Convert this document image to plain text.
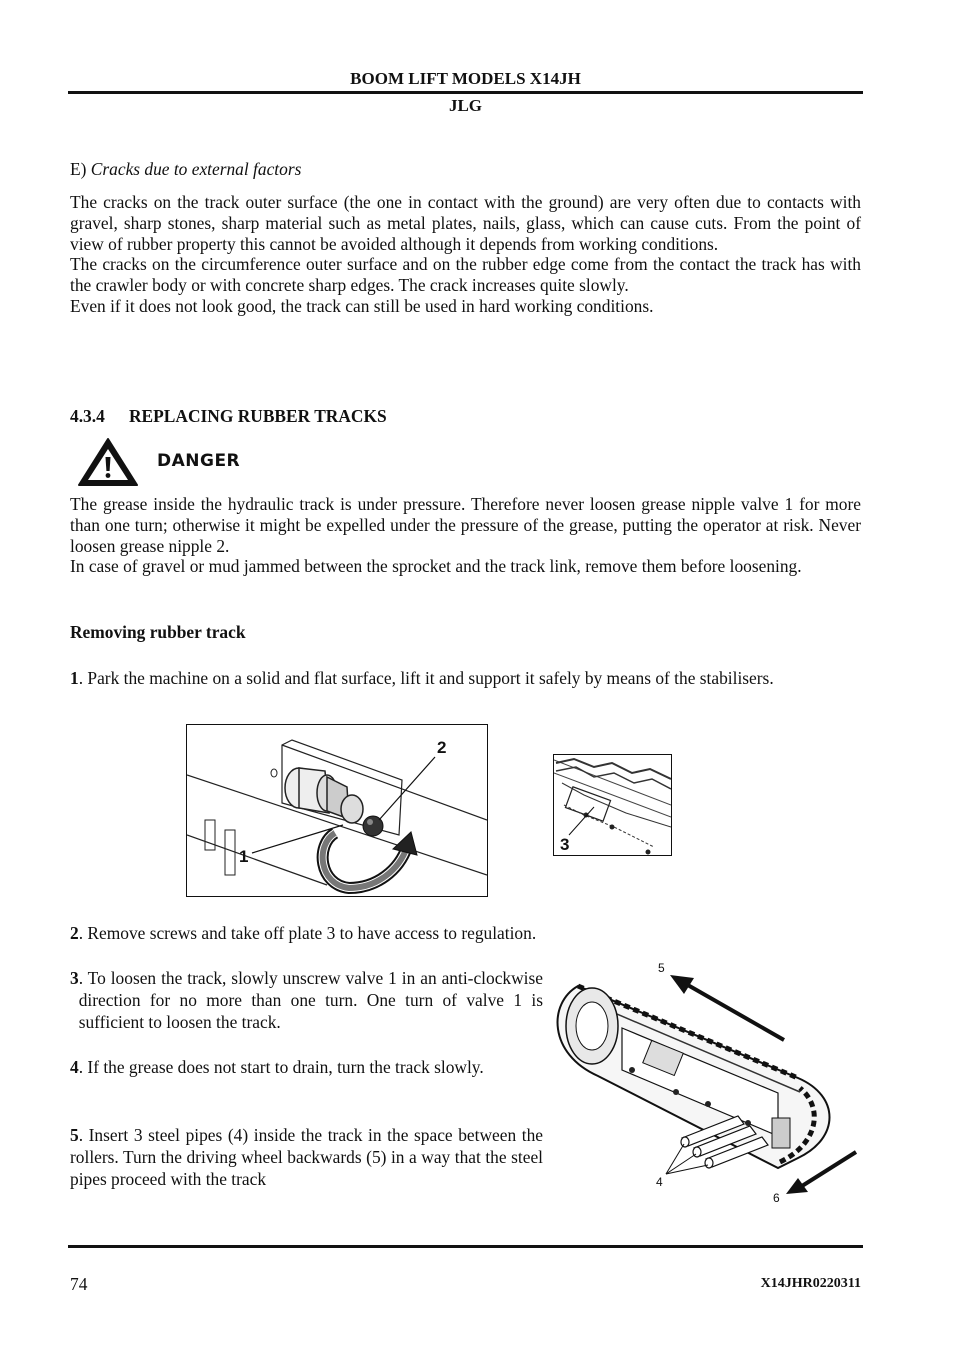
BOOM LIFT MODELS X14JH
JLG
E) Cracks due to external factors

The cracks on the track outer surface (the one in contact with the ground) are very often due to contacts with gravel, sharp stones, sharp material such as metal plates, nails, glass, which can cause cuts. From the point of view of rubber property this cannot be avoided although it depends from working conditions.

The cracks on the circumference outer surface and on the rubber edge come from the contact the track has with the crawler body or with concrete sharp edges. The crack increases quite slowly.

Even if it does not look good, the track can still be used in hard working conditions.

4.3.4 REPLACING RUBBER TRACKS
DANGER

The grease inside the hydraulic track is under pressure. Therefore never loosen grease nipple valve 1 for more than one turn; otherwise it might be expelled under the pressure of the grease, putting the operator at risk. Never loosen grease nipple 2.

In case of gravel or mud jammed between the sprocket and the track link, remove them before loosening.

Removing rubber track
1 . Park the machine on a solid and flat surface, lift it and support it safely by means of the stabilisers.
1
2
3
2. Remove screws and take off plate 3 to have access to regulation.
3 . To loosen the track, slowly unscrew valve 1 in an anti-clockwise direction for no more than one turn. One turn of valve 1 is sufficient to loosen the track.
4 . If the grease does not start to drain, turn the track slowly.
5. Insert 3 steel pipes (4) inside the track in the space between the rollers. Turn the driving wheel backwards (5) in a way that the steel pipes proceed with the track	4
5
6
74	X14JHR0220311
